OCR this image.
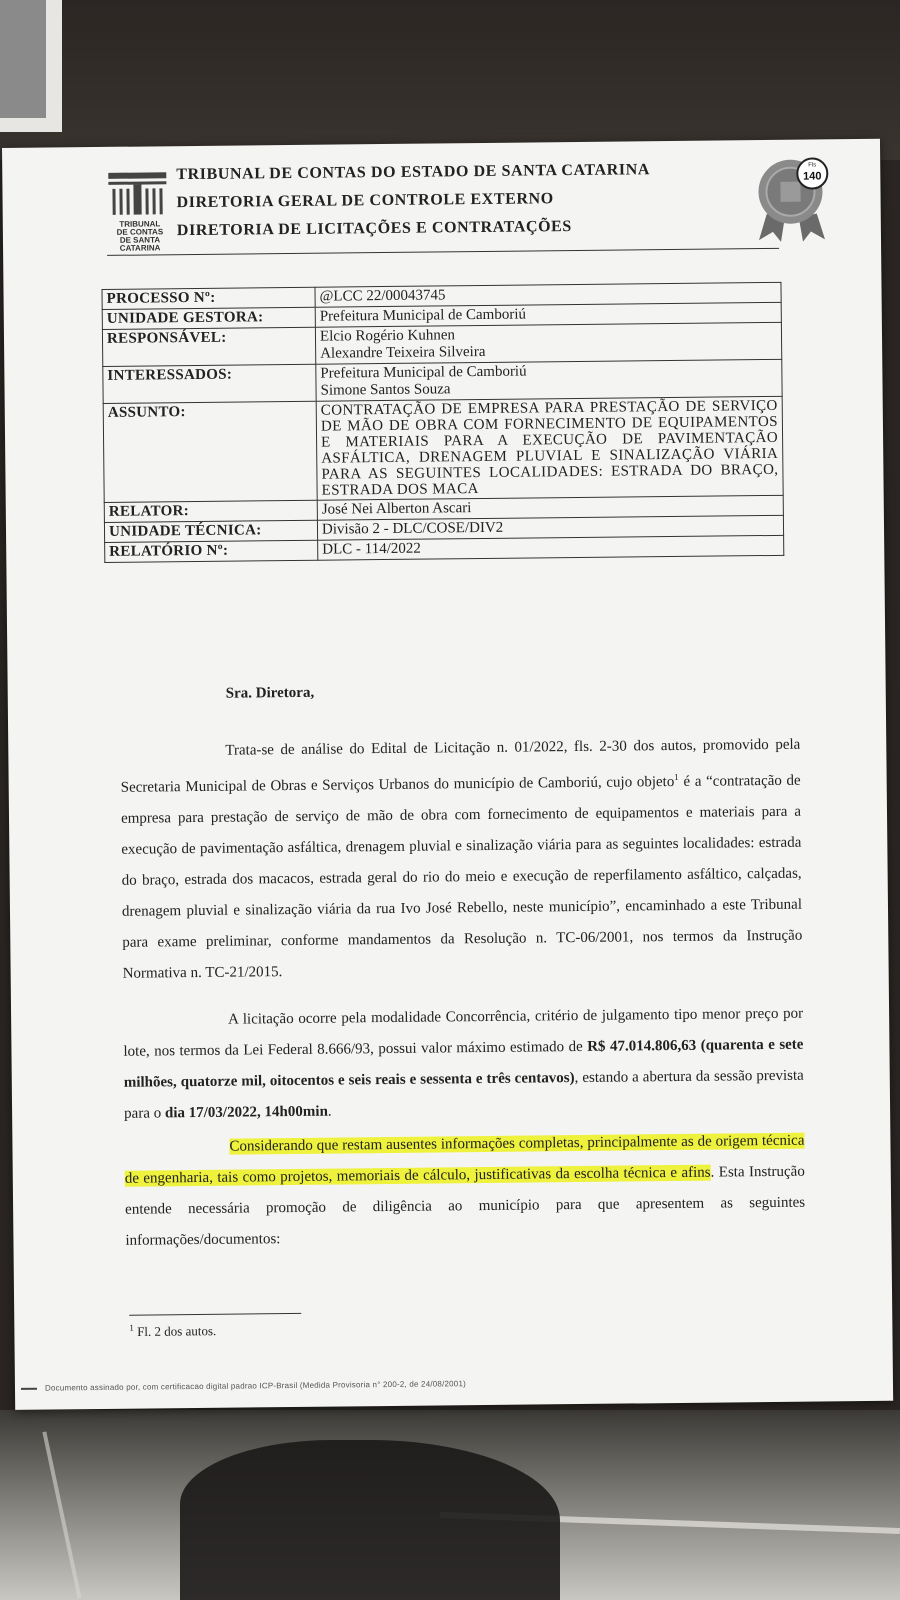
TRIBUNAL
DE CONTAS
DE SANTA
CATARINA
TRIBUNAL DE CONTAS DO ESTADO DE SANTA CATARINA
DIRETORIA GERAL DE CONTROLE EXTERNO
DIRETORIA DE LICITAÇÕES E CONTRATAÇÕES
Fls
140
PROCESSO Nº:	@LCC 22/00043745
UNIDADE GESTORA:	Prefeitura Municipal de Camboriú
RESPONSÁVEL:	Elcio Rogério Kuhnen
Alexandre Teixeira Silveira

INTERESSADOS:	Prefeitura Municipal de Camboriú
Simone Santos Souza

ASSUNTO:	CONTRATAÇÃO DE EMPRESA PARA PRESTAÇÃO DE SERVIÇO DE MÃO DE OBRA COM FORNECIMENTO DE EQUIPAMENTOS E MATERIAIS PARA A EXECUÇÃO DE PAVIMENTAÇÃO ASFÁLTICA, DRENAGEM PLUVIAL E SINALIZAÇÃO VIÁRIA PARA AS SEGUINTES LOCALIDADES: ESTRADA DO BRAÇO, ESTRADA DOS MACA
RELATOR:	José Nei Alberton Ascari
UNIDADE TÉCNICA:	Divisão 2 - DLC/COSE/DIV2
RELATÓRIO Nº:	DLC - 114/2022
Sra. Diretora,
Trata-se de análise do Edital de Licitação n. 01/2022, fls. 2-30 dos autos, promovido pela Secretaria Municipal de Obras e Serviços Urbanos do município de Camboriú, cujo objeto$^1$ é a “contratação de empresa para prestação de serviço de mão de obra com fornecimento de equipamentos e materiais para a execução de pavimentação asfáltica, drenagem pluvial e sinalização viária para as seguintes localidades: estrada do braço, estrada dos macacos, estrada geral do rio do meio e execução de reperfilamento asfáltico, calçadas, drenagem pluvial e sinalização viária da rua Ivo José Rebello, neste município”, encaminhado a este Tribunal para exame preliminar, conforme mandamentos da Resolução n. TC-06/2001, nos termos da Instrução Normativa n. TC-21/2015.
A licitação ocorre pela modalidade Concorrência, critério de julgamento tipo menor preço por lote, nos termos da Lei Federal 8.666/93, possui valor máximo estimado de R$ 47.014.806,63 (quarenta e sete milhões, quatorze mil, oitocentos e seis reais e sessenta e três centavos), estando a abertura da sessão prevista para o dia 17/03/2022, 14h00min.
Considerando que restam ausentes informações completas, principalmente as de origem técnica de engenharia, tais como projetos, memoriais de cálculo, justificativas da escolha técnica e afins. Esta Instrução entende necessária promoção de diligência ao município para que apresentem as seguintes informações/documentos:
$^1$ Fl. 2 dos autos.
Documento assinado por, com certificacao digital padrao ICP-Brasil (Medida Provisoria n° 200-2, de 24/08/2001)
